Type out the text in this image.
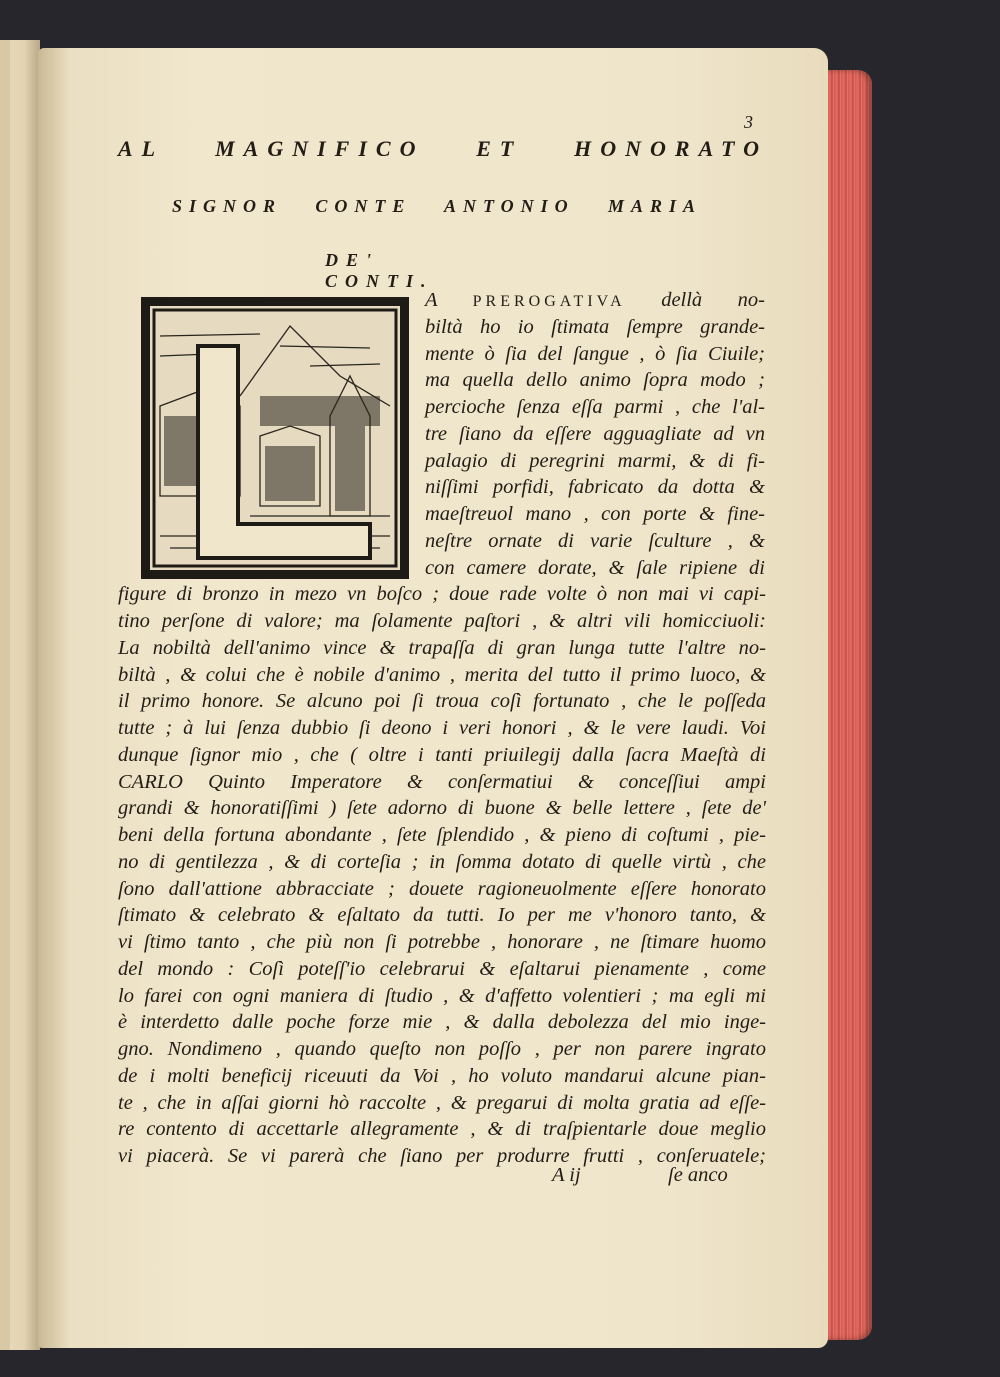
3
AL MAGNIFICO ET HONORATO
SIGNOR CONTE ANTONIO MARIA
DE' CONTI.
A PREROGATIVA dellà no-
biltà ho io ſtimata ſempre grande-
mente ò ſia del ſangue , ò ſia Ciuile;
ma quella dello animo ſopra modo ;
percioche ſenza eſſa parmi , che l'al-
tre ſiano da eſſere agguagliate ad vn
palagio di peregrini marmi, & di fi-
niſſimi porfidi, fabricato da dotta &
maeſtreuol mano , con porte & fine-
neſtre ornate di varie ſculture , &
con camere dorate, & ſale ripiene di
figure di bronzo in mezo vn boſco ; doue rade volte ò non mai vi capi-
tino perſone di valore; ma ſolamente paſtori , & altri vili homicciuoli:
La nobiltà dell'animo vince & trapaſſa di gran lunga tutte l'altre no-
biltà , & colui che è nobile d'animo , merita del tutto il primo luoco, &
il primo honore. Se alcuno poi ſi troua coſì fortunato , che le poſſeda
tutte ; à lui ſenza dubbio ſi deono i veri honori , & le vere laudi. Voi
dunque ſignor mio , che ( oltre i tanti priuilegij dalla ſacra Maeſtà di
CARLO Quinto Imperatore & conſermatiui & conceſſiui ampi
grandi & honoratiſſimi ) ſete adorno di buone & belle lettere , ſete de'
beni della fortuna abondante , ſete ſplendido , & pieno di coſtumi , pie-
no di gentilezza , & di corteſia ; in ſomma dotato di quelle virtù , che
ſono dall'attione abbracciate ; douete ragioneuolmente eſſere honorato
ſtimato & celebrato & eſaltato da tutti. Io per me v'honoro tanto, &
vi ſtimo tanto , che più non ſi potrebbe , honorare , ne ſtimare huomo
del mondo : Coſì poteſſ'io celebrarui & eſaltarui pienamente , come
lo farei con ogni maniera di ſtudio , & d'affetto volentieri ; ma egli mi
è interdetto dalle poche forze mie , & dalla debolezza del mio inge-
gno. Nondimeno , quando queſto non poſſo , per non parere ingrato
de i molti beneficij riceuuti da Voi , ho voluto mandarui alcune pian-
te , che in aſſai giorni hò raccolte , & pregarui di molta gratia ad eſſe-
re contento di accettarle allegramente , & di traſpientarle doue meglio
vi piacerà. Se vi parerà che ſiano per produrre frutti , conſeruatele;
A ij	ſe anco
